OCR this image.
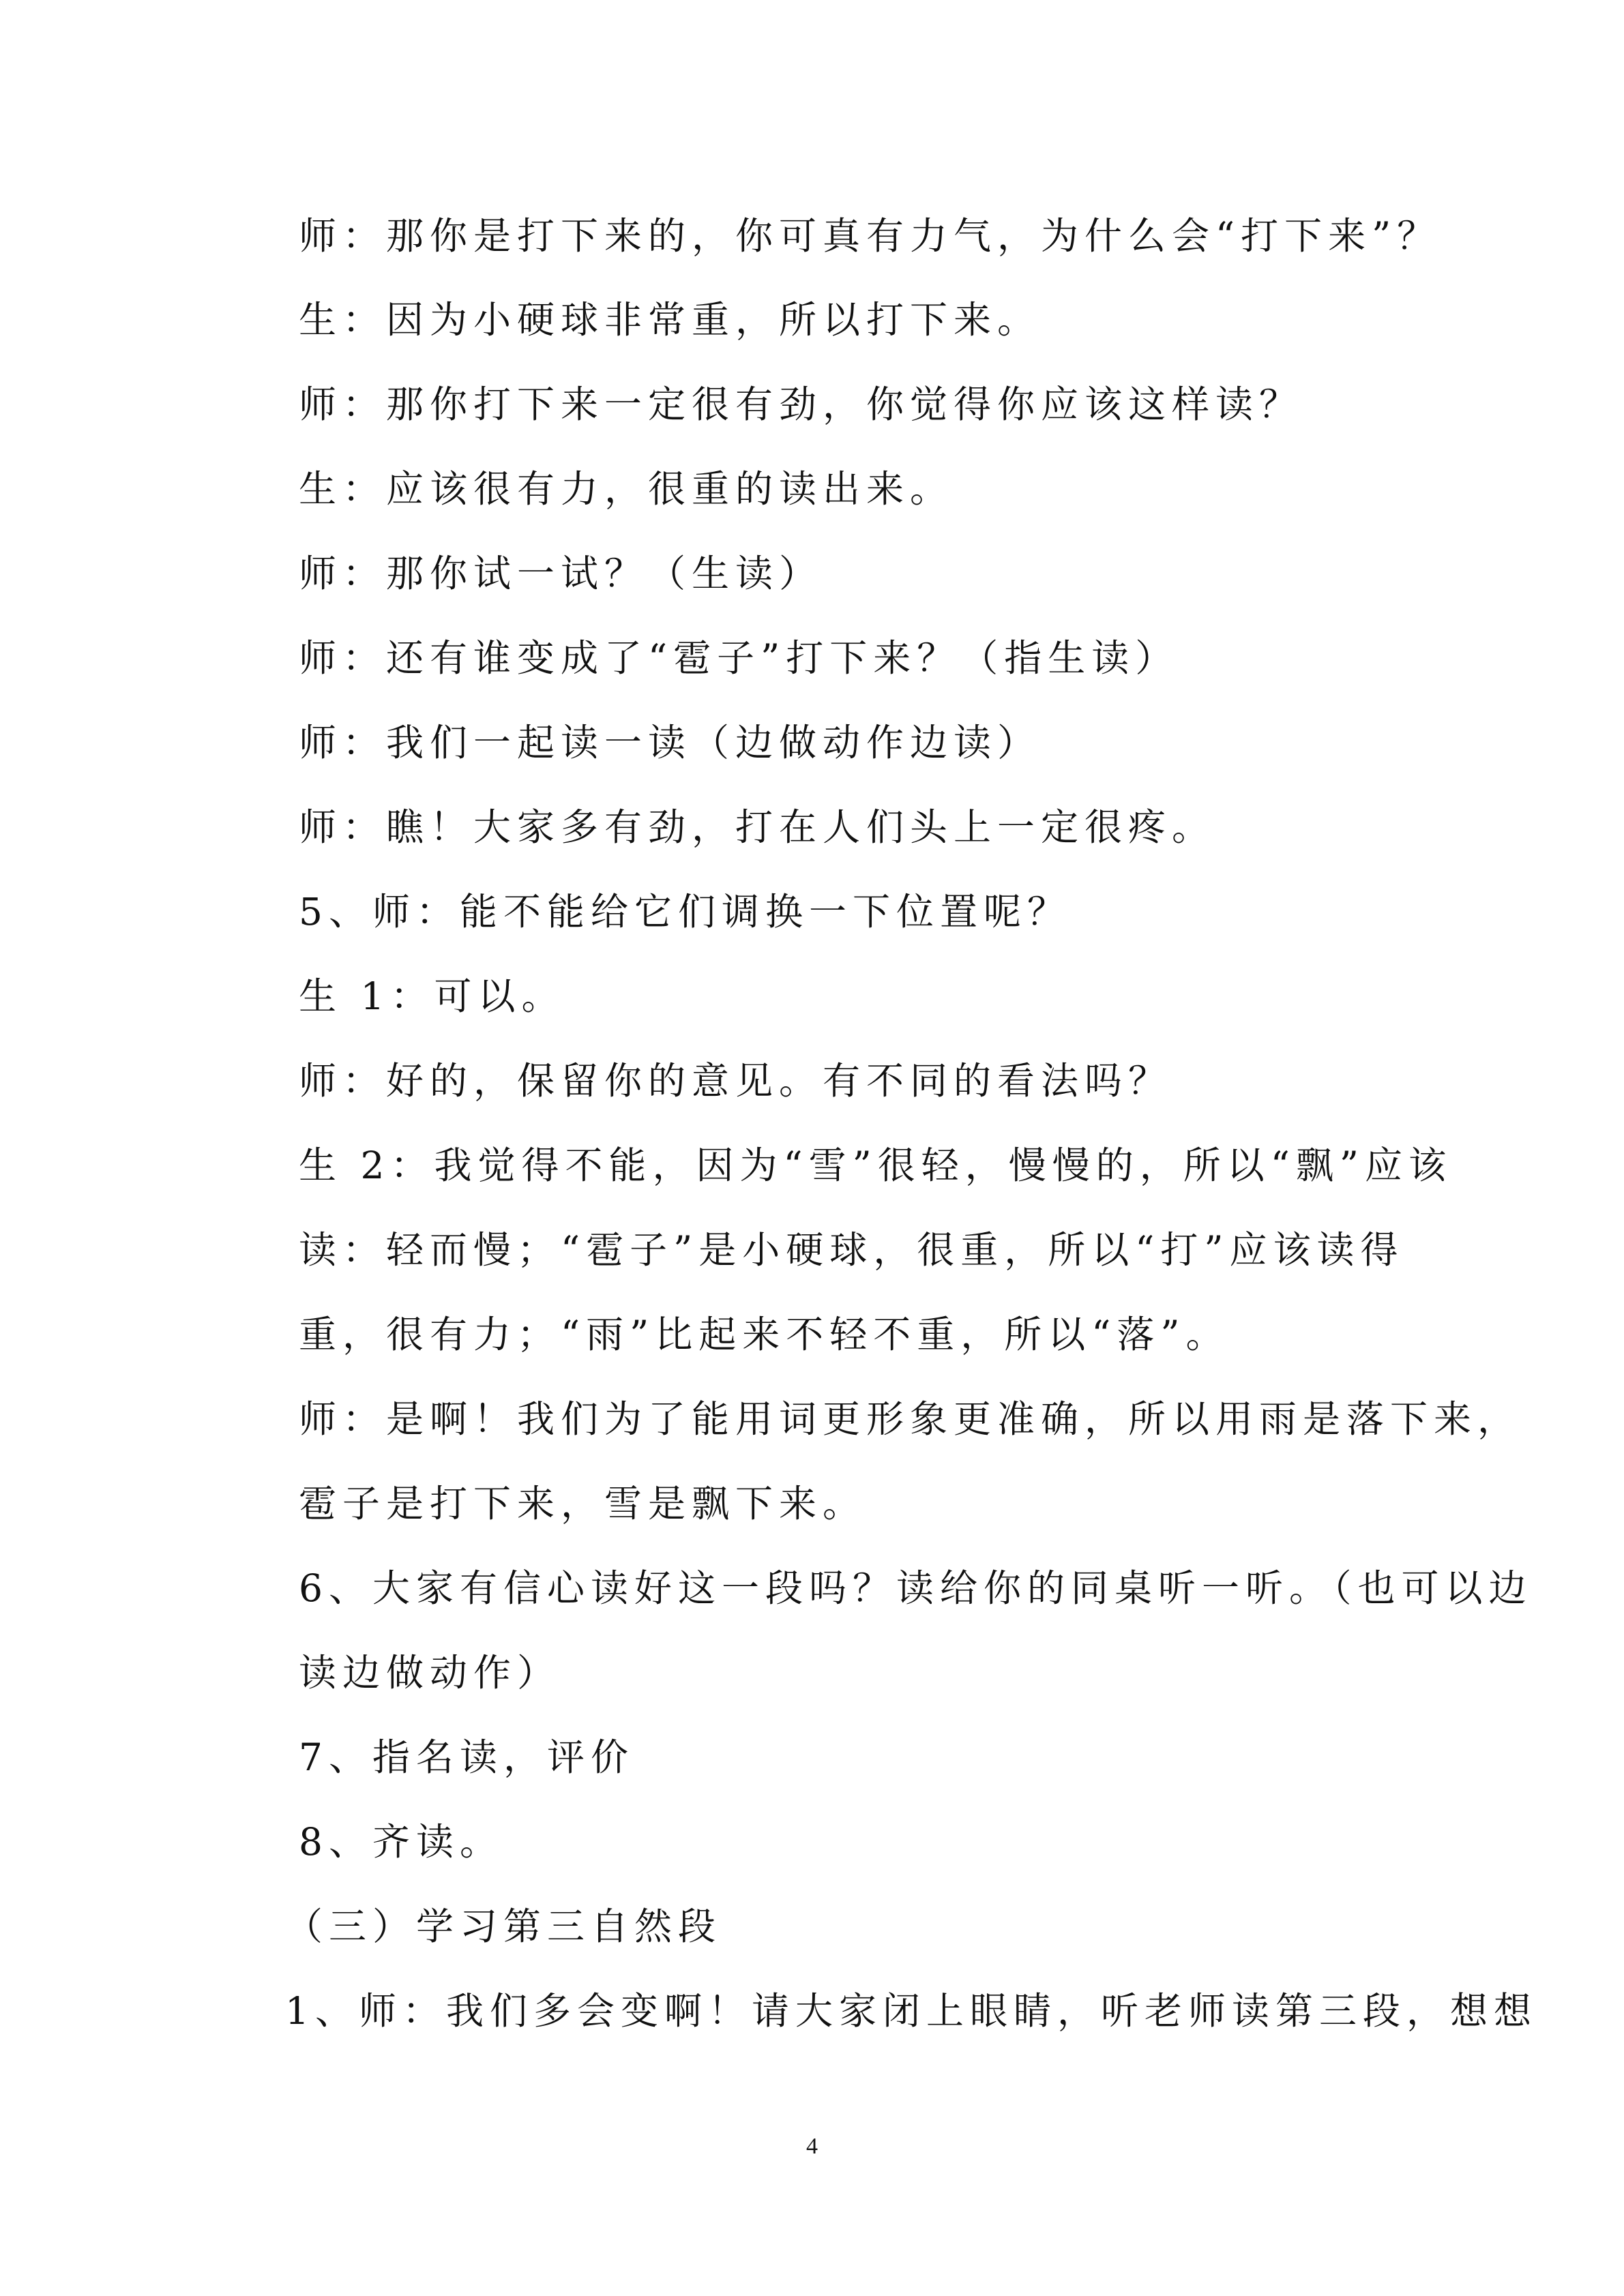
师：那你是打下来的，你可真有力气，为什么会“打下来”？
生：因为小硬球非常重，所以打下来。
师：那你打下来一定很有劲，你觉得你应该这样读？
生：应该很有力，很重的读出来。
师：那你试一试？（生读）
师：还有谁变成了“雹子”打下来？（指生读）
师：我们一起读一读（边做动作边读）
师：瞧！大家多有劲，打在人们头上一定很疼。
5、师：能不能给它们调换一下位置呢？
生 1：可以。
师：好的，保留你的意见。有不同的看法吗？
生 2：我觉得不能，因为“雪”很轻，慢慢的，所以“飘”应该
读：轻而慢；“雹子”是小硬球，很重，所以“打”应该读得
重，很有力；“雨”比起来不轻不重，所以“落”。
师：是啊！我们为了能用词更形象更准确，所以用雨是落下来，
雹子是打下来，雪是飘下来。
6、大家有信心读好这一段吗？读给你的同桌听一听。（也可以边
读边做动作）
7、指名读，评价
8、齐读。
（三）学习第三自然段
1、师：我们多会变啊！请大家闭上眼睛，听老师读第三段，想想
4
